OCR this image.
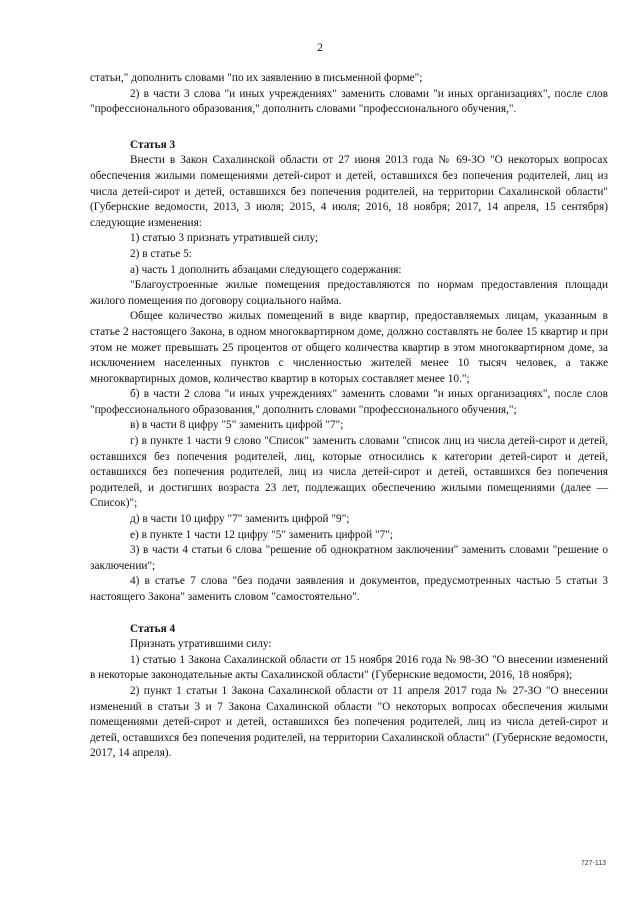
2

статьи," дополнить словами "по их заявлению в письменной форме";

2) в части 3 слова "и иных учреждениях" заменить словами "и иных организациях", после слов "профессионального образования," дополнить словами "профессионального обучения,".

Статья 3

Внести в Закон Сахалинской области от 27 июня 2013 года № 69-ЗО "О некоторых вопросах обеспечения жилыми помещениями детей-сирот и детей, оставшихся без попечения родителей, лиц из числа детей-сирот и детей, оставшихся без попечения родителей, на территории Сахалинской области" (Губернские ведомости, 2013, 3 июля; 2015, 4 июля; 2016, 18 ноября; 2017, 14 апреля, 15 сентября) следующие изменения:

1) статью 3 признать утратившей силу;

2) в статье 5:

а) часть 1 дополнить абзацами следующего содержания:

"Благоустроенные жилые помещения предоставляются по нормам предоставления площади жилого помещения по договору социального найма.

Общее количество жилых помещений в виде квартир, предоставляемых лицам, указанным в статье 2 настоящего Закона, в одном многоквартирном доме, должно составлять не более 15 квартир и при этом не может превышать 25 процентов от общего количества квартир в этом многоквартирном доме, за исключением населенных пунктов с численностью жителей менее 10 тысяч человек, а также многоквартирных домов, количество квартир в которых составляет менее 10.";

б) в части 2 слова "и иных учреждениях" заменить словами "и иных организациях", после слов "профессионального образования," дополнить словами "профессионального обучения,";

в) в части 8 цифру "5" заменить цифрой "7";

г) в пункте 1 части 9 слово "Список" заменить словами "список лиц из числа детей-сирот и детей, оставшихся без попечения родителей, лиц, которые относились к категории детей-сирот и детей, оставшихся без попечения родителей, лиц из числа детей-сирот и детей, оставшихся без попечения родителей, и достигших возраста 23 лет, подлежащих обеспечению жилыми помещениями (далее — Список)";

д) в части 10 цифру "7" заменить цифрой "9";

е) в пункте 1 части 12 цифру "5" заменить цифрой "7";

3) в части 4 статьи 6 слова "решение об однократном заключении" заменить словами "решение о заключении";

4) в статье 7 слова "без подачи заявления и документов, предусмотренных частью 5 статьи 3 настоящего Закона" заменить словом "самостоятельно".

Статья 4

Признать утратившими силу:

1) статью 1 Закона Сахалинской области от 15 ноября 2016 года № 98-ЗО "О внесении изменений в некоторые законодательные акты Сахалинской области" (Губернские ведомости, 2016, 18 ноября);

2) пункт 1 статьи 1 Закона Сахалинской области от 11 апреля 2017 года № 27-ЗО "О внесении изменений в статьи 3 и 7 Закона Сахалинской области "О некоторых вопросах обеспечения жилыми помещениями детей-сирот и детей, оставшихся без попечения родителей, лиц из числа детей-сирот и детей, оставшихся без попечения родителей, на территории Сахалинской области" (Губернские ведомости, 2017, 14 апреля).

727-113
